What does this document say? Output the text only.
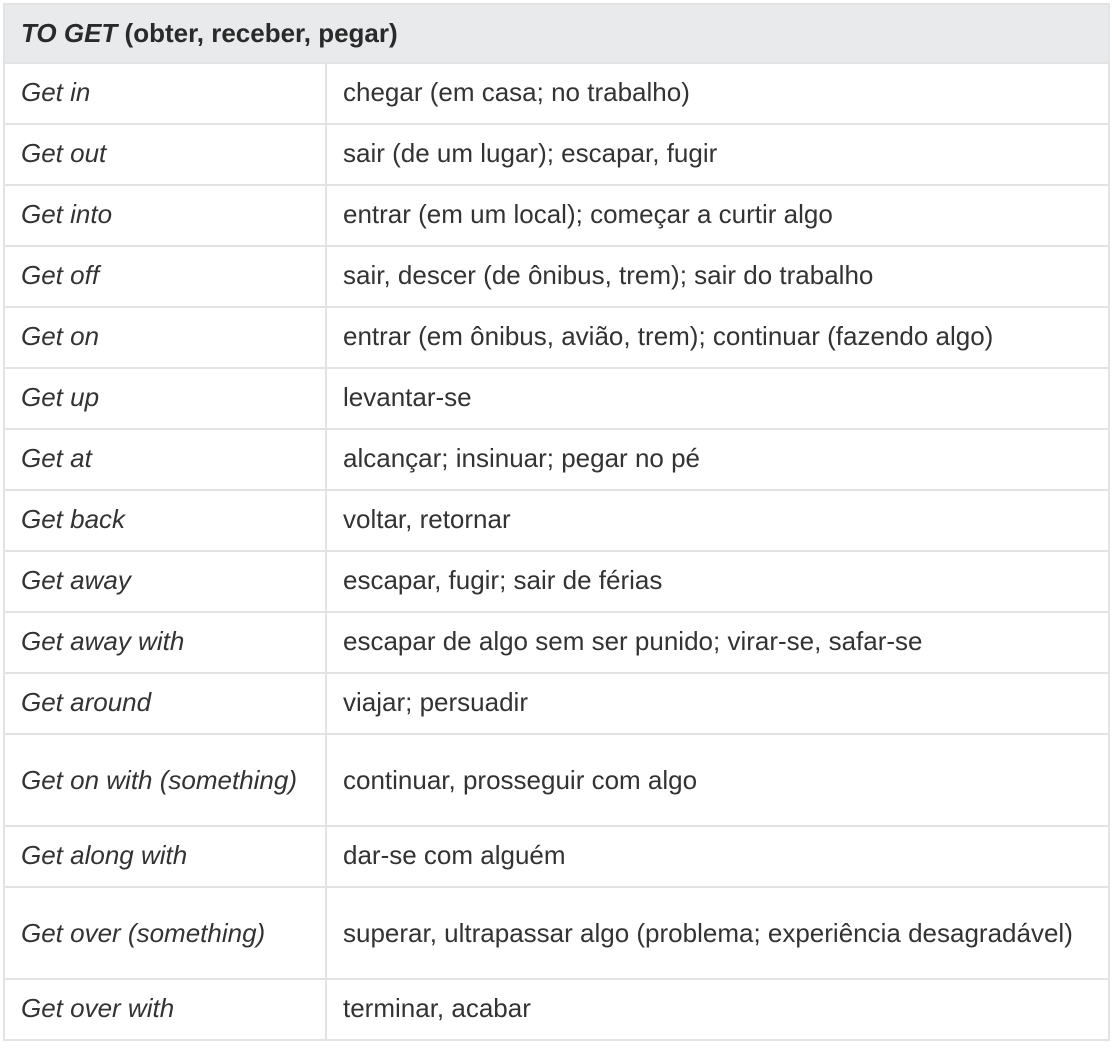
TO GET (obter, receber, pegar)	
Get in	chegar (em casa; no trabalho)
Get out	sair (de um lugar); escapar, fugir
Get into	entrar (em um local); começar a curtir algo
Get off	sair, descer (de ônibus, trem); sair do trabalho
Get on	entrar (em ônibus, avião, trem); continuar (fazendo algo)
Get up	levantar-se
Get at	alcançar; insinuar; pegar no pé
Get back	voltar, retornar
Get away	escapar, fugir; sair de férias
Get away with	escapar de algo sem ser punido; virar-se, safar-se
Get around	viajar; persuadir
Get on with (something)	continuar, prosseguir com algo
Get along with	dar-se com alguém
Get over (something)	superar, ultrapassar algo (problema; experiência desagradável)
Get over with	terminar, acabar
